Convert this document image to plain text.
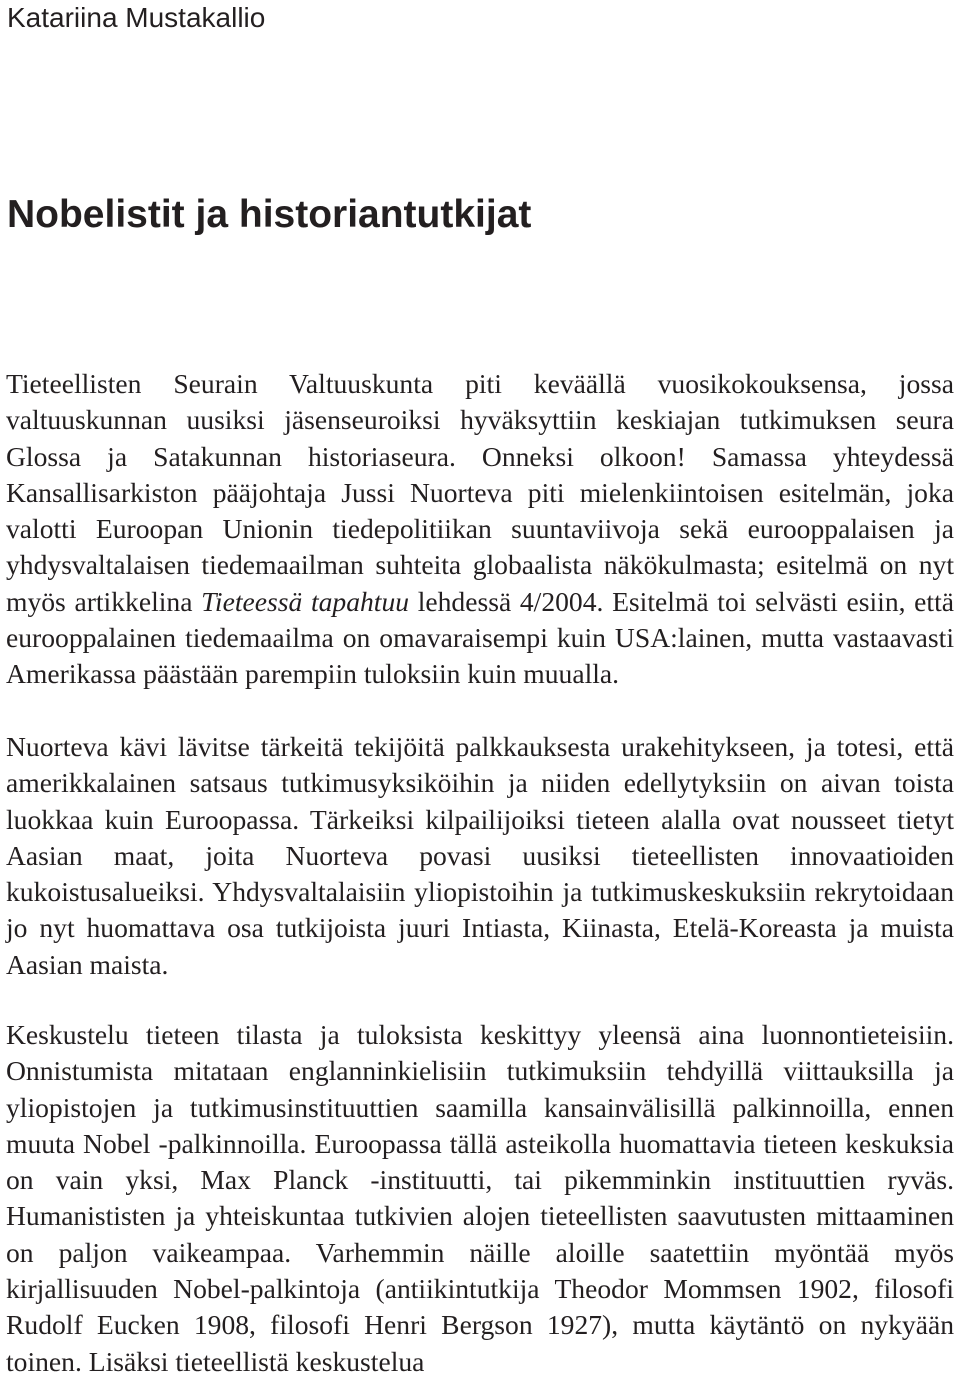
Katariina Mustakallio
Nobelistit ja historiantutkijat

Tieteellisten Seurain Valtuuskunta piti keväällä vuosikokouksensa, jossa valtuuskunnan uusiksi jäsenseuroiksi hyväksyttiin keskiajan tutkimuksen seura Glossa ja Satakunnan historiaseura. Onneksi olkoon! Samassa yhteydessä Kansallisarkiston pääjohtaja Jussi Nuorteva piti mielenkiintoisen esitelmän, joka valotti Euroopan Unionin tiedepolitiikan suuntaviivoja sekä eurooppalaisen ja yhdysvaltalaisen tiedemaailman suhteita globaalista näkökulmasta; esitelmä on nyt myös artikkelina Tieteessä tapahtuu lehdessä 4/2004. Esitelmä toi selvästi esiin, että eurooppalainen tiedemaailma on omavaraisempi kuin USA:lainen, mutta vastaavasti Amerikassa päästään parempiin tuloksiin kuin muualla.

Nuorteva kävi lävitse tärkeitä tekijöitä palkkauksesta urakehitykseen, ja totesi, että amerikkalainen satsaus tutkimusyksiköihin ja niiden edellytyksiin on aivan toista luokkaa kuin Euroopassa. Tärkeiksi kilpailijoiksi tieteen alalla ovat nousseet tietyt Aasian maat, joita Nuorteva povasi uusiksi tieteellisten innovaatioiden kukoistusalueiksi. Yhdysvaltalaisiin yliopistoihin ja tutkimuskeskuksiin rekrytoidaan jo nyt huomattava osa tutkijoista juuri Intiasta, Kiinasta, Etelä-Koreasta ja muista Aasian maista.

Keskustelu tieteen tilasta ja tuloksista keskittyy yleensä aina luonnontieteisiin. Onnistumista mitataan englanninkielisiin tutkimuksiin tehdyillä viittauksilla ja yliopistojen ja tutkimusinstituuttien saamilla kansainvälisillä palkinnoilla, ennen muuta Nobel -palkinnoilla. Euroopassa tällä asteikolla huomattavia tieteen keskuksia on vain yksi, Max Planck -instituutti, tai pikemminkin instituuttien ryväs. Humanististen ja yhteiskuntaa tutkivien alojen tieteellisten saavutusten mittaaminen on paljon vaikeampaa. Varhemmin näille aloille saatettiin myöntää myös kirjallisuuden Nobel-palkintoja (antiikintutkija Theodor Mommsen 1902, filosofi Rudolf Eucken 1908, filosofi Henri Bergson 1927), mutta käytäntö on nykyään toinen. Lisäksi tieteellistä keskustelua
